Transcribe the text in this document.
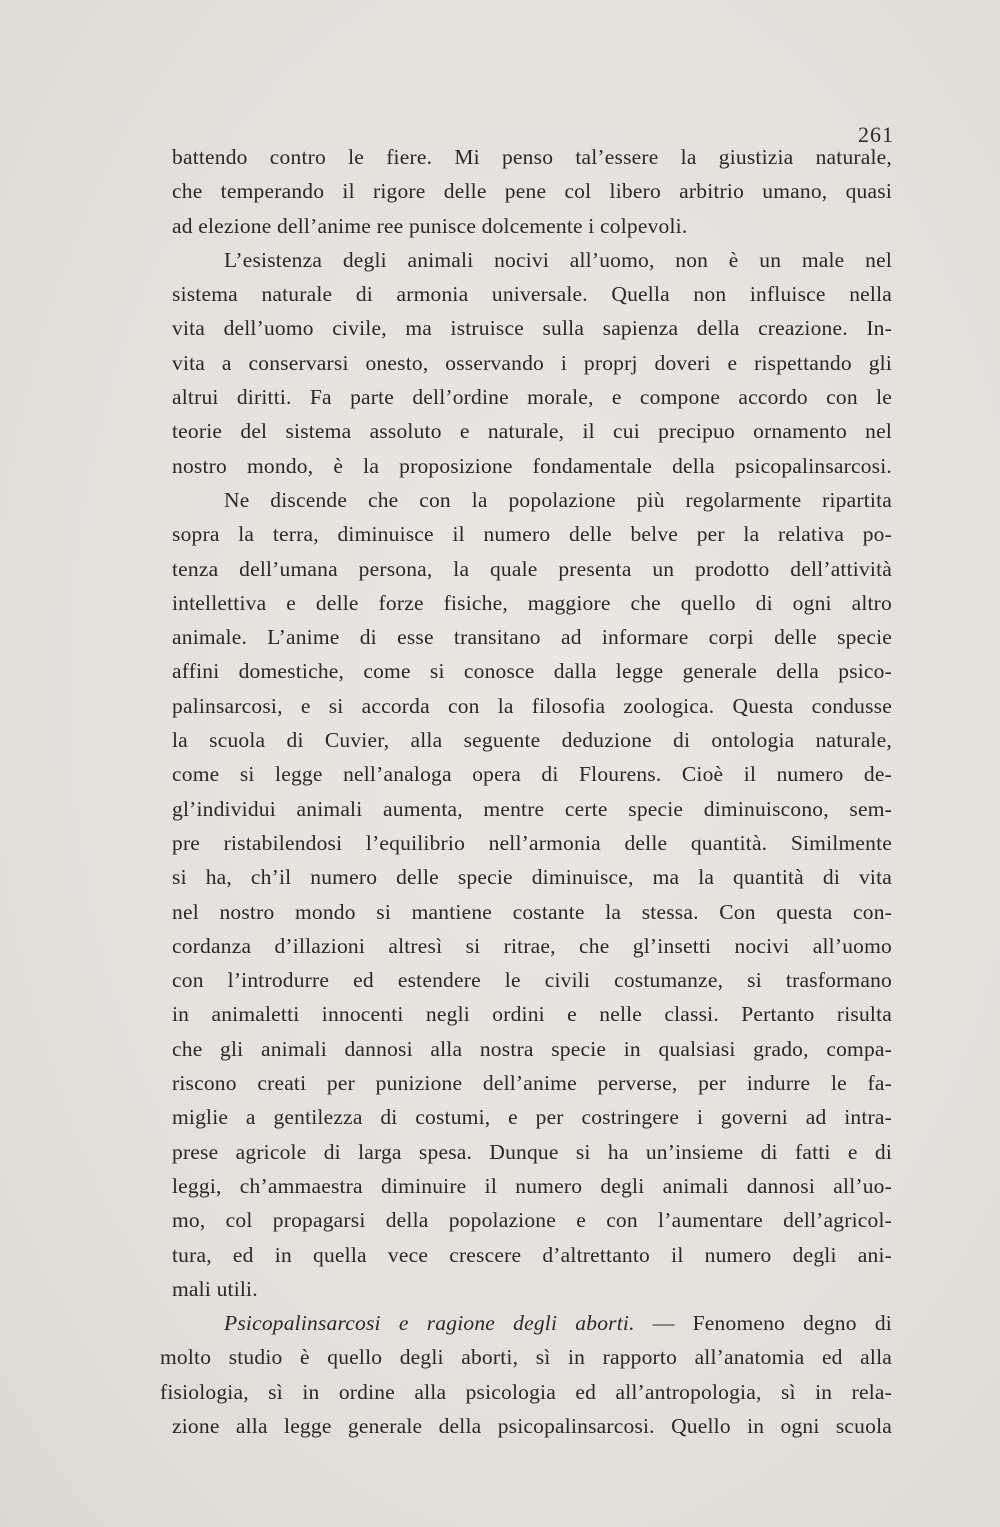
261
battendo contro le fiere. Mi penso tal’essere la giustizia naturale,
che temperando il rigore delle pene col libero arbitrio umano, quasi
ad elezione dell’anime ree punisce dolcemente i colpevoli.
L’esistenza degli animali nocivi all’uomo, non è un male nel
sistema naturale di armonia universale. Quella non influisce nella
vita dell’uomo civile, ma istruisce sulla sapienza della creazione. In-
vita a conservarsi onesto, osservando i proprj doveri e rispettando gli
altrui diritti. Fa parte dell’ordine morale, e compone accordo con le
teorie del sistema assoluto e naturale, il cui precipuo ornamento nel
nostro mondo, è la proposizione fondamentale della psicopalinsarcosi.
Ne discende che con la popolazione più regolarmente ripartita
sopra la terra, diminuisce il numero delle belve per la relativa po-
tenza dell’umana persona, la quale presenta un prodotto dell’attività
intellettiva e delle forze fisiche, maggiore che quello di ogni altro
animale. L’anime di esse transitano ad informare corpi delle specie
affini domestiche, come si conosce dalla legge generale della psico-
palinsarcosi, e si accorda con la filosofia zoologica. Questa condusse
la scuola di Cuvier, alla seguente deduzione di ontologia naturale,
come si legge nell’analoga opera di Flourens. Cioè il numero de-
gl’individui animali aumenta, mentre certe specie diminuiscono, sem-
pre ristabilendosi l’equilibrio nell’armonia delle quantità. Similmente
si ha, ch’il numero delle specie diminuisce, ma la quantità di vita
nel nostro mondo si mantiene costante la stessa. Con questa con-
cordanza d’illazioni altresì si ritrae, che gl’insetti nocivi all’uomo
con l’introdurre ed estendere le civili costumanze, si trasformano
in animaletti innocenti negli ordini e nelle classi. Pertanto risulta
che gli animali dannosi alla nostra specie in qualsiasi grado, compa-
riscono creati per punizione dell’anime perverse, per indurre le fa-
miglie a gentilezza di costumi, e per costringere i governi ad intra-
prese agricole di larga spesa. Dunque si ha un’insieme di fatti e di
leggi, ch’ammaestra diminuire il numero degli animali dannosi all’uo-
mo, col propagarsi della popolazione e con l’aumentare dell’agricol-
tura, ed in quella vece crescere d’altrettanto il numero degli ani-
mali utili.
Psicopalinsarcosi e ragione degli aborti. — Fenomeno degno di
molto studio è quello degli aborti, sì in rapporto all’anatomia ed alla
fisiologia, sì in ordine alla psicologia ed all’antropologia, sì in rela-
zione alla legge generale della psicopalinsarcosi. Quello in ogni scuola
